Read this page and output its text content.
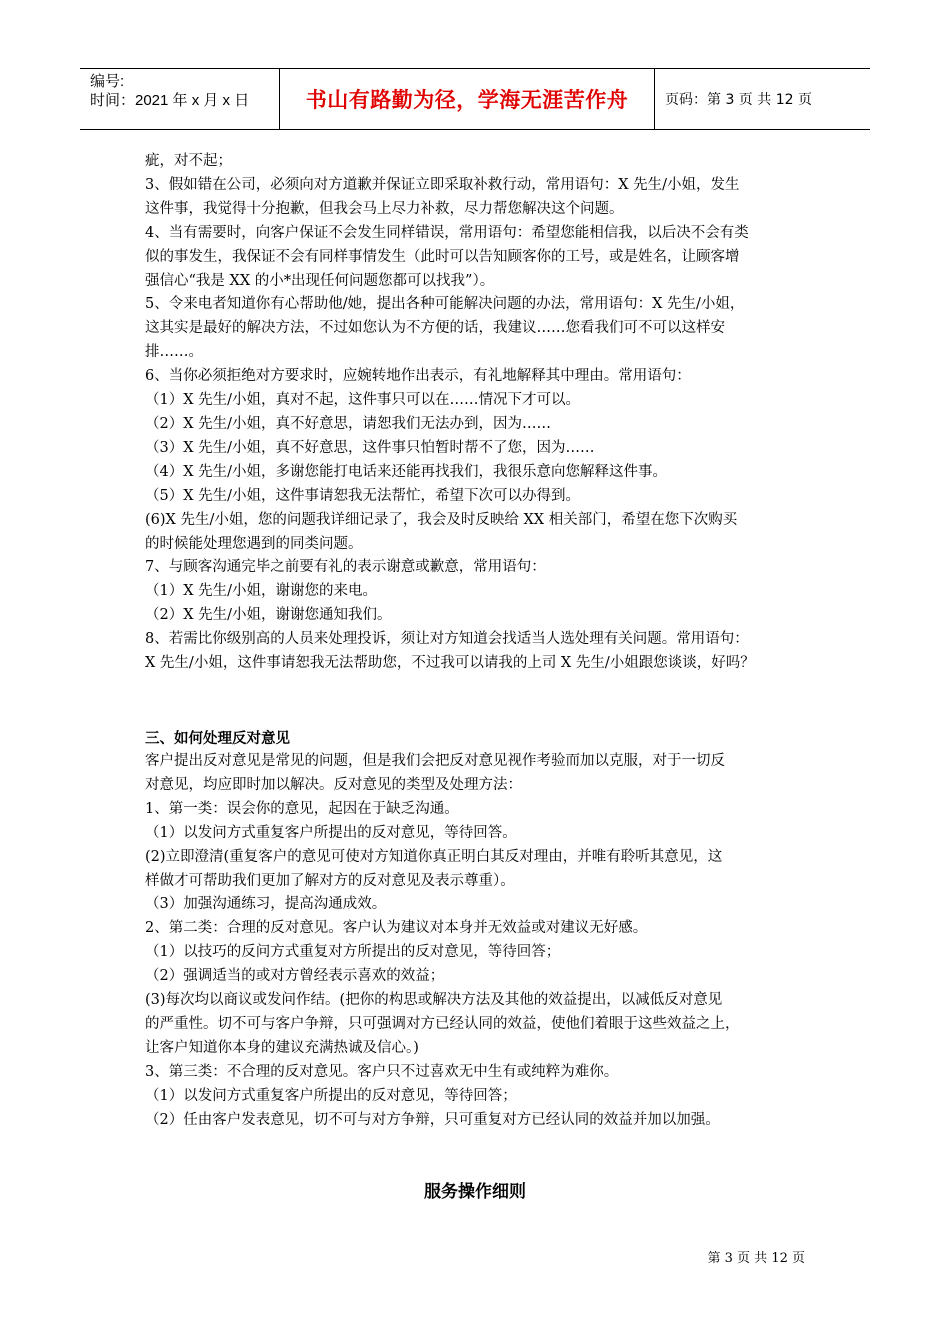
编号:
时间：2021 年 x 月 x 日	书山有路勤为径，学海无涯苦作舟	页码：第 3 页 共 12 页

疵，对不起；

3、假如错在公司，必须向对方道歉并保证立即采取补救行动，常用语句：X 先生/小姐，发生

这件事，我觉得十分抱歉，但我会马上尽力补救，尽力帮您解决这个问题。

4、当有需要时，向客户保证不会发生同样错误，常用语句：希望您能相信我，以后决不会有类

似的事发生，我保证不会有同样事情发生（此时可以告知顾客你的工号，或是姓名，让顾客增

强信心“我是 XX 的小*出现任何问题您都可以找我”）。

5、令来电者知道你有心帮助他/她，提出各种可能解决问题的办法，常用语句：X 先生/小姐，

这其实是最好的解决方法，不过如您认为不方便的话，我建议……您看我们可不可以这样安

排……。

6、当你必须拒绝对方要求时，应婉转地作出表示，有礼地解释其中理由。常用语句：

（1）X 先生/小姐，真对不起，这件事只可以在……情况下才可以。

（2）X 先生/小姐，真不好意思，请恕我们无法办到，因为……

（3）X 先生/小姐，真不好意思，这件事只怕暂时帮不了您，因为……

（4）X 先生/小姐，多谢您能打电话来还能再找我们，我很乐意向您解释这件事。

（5）X 先生/小姐，这件事请恕我无法帮忙，希望下次可以办得到。

(6)X 先生/小姐，您的问题我详细记录了，我会及时反映给 XX 相关部门，希望在您下次购买

的时候能处理您遇到的同类问题。

7、与顾客沟通完毕之前要有礼的表示谢意或歉意，常用语句：

（1）X 先生/小姐，谢谢您的来电。

（2）X 先生/小姐，谢谢您通知我们。

8、若需比你级别高的人员来处理投诉，须让对方知道会找适当人选处理有关问题。常用语句：

X 先生/小姐，这件事请恕我无法帮助您，不过我可以请我的上司 X 先生/小姐跟您谈谈，好吗？

三、如何处理反对意见

客户提出反对意见是常见的问题，但是我们会把反对意见视作考验而加以克服，对于一切反

对意见，均应即时加以解决。反对意见的类型及处理方法：

1、第一类：误会你的意见，起因在于缺乏沟通。

（1）以发问方式重复客户所提出的反对意见，等待回答。

(2)立即澄清(重复客户的意见可使对方知道你真正明白其反对理由，并唯有聆听其意见，这

样做才可帮助我们更加了解对方的反对意见及表示尊重）。

（3）加强沟通练习，提高沟通成效。

2、第二类：合理的反对意见。客户认为建议对本身并无效益或对建议无好感。

（1）以技巧的反问方式重复对方所提出的反对意见，等待回答；

（2）强调适当的或对方曾经表示喜欢的效益；

(3)每次均以商议或发问作结。(把你的构思或解决方法及其他的效益提出，以减低反对意见

的严重性。切不可与客户争辩，只可强调对方已经认同的效益，使他们着眼于这些效益之上，

让客户知道你本身的建议充满热诚及信心。)

3、第三类：不合理的反对意见。客户只不过喜欢无中生有或纯粹为难你。

（1）以发问方式重复客户所提出的反对意见，等待回答；

（2）任由客户发表意见，切不可与对方争辩，只可重复对方已经认同的效益并加以加强。

服务操作细则
第 3 页 共 12 页
